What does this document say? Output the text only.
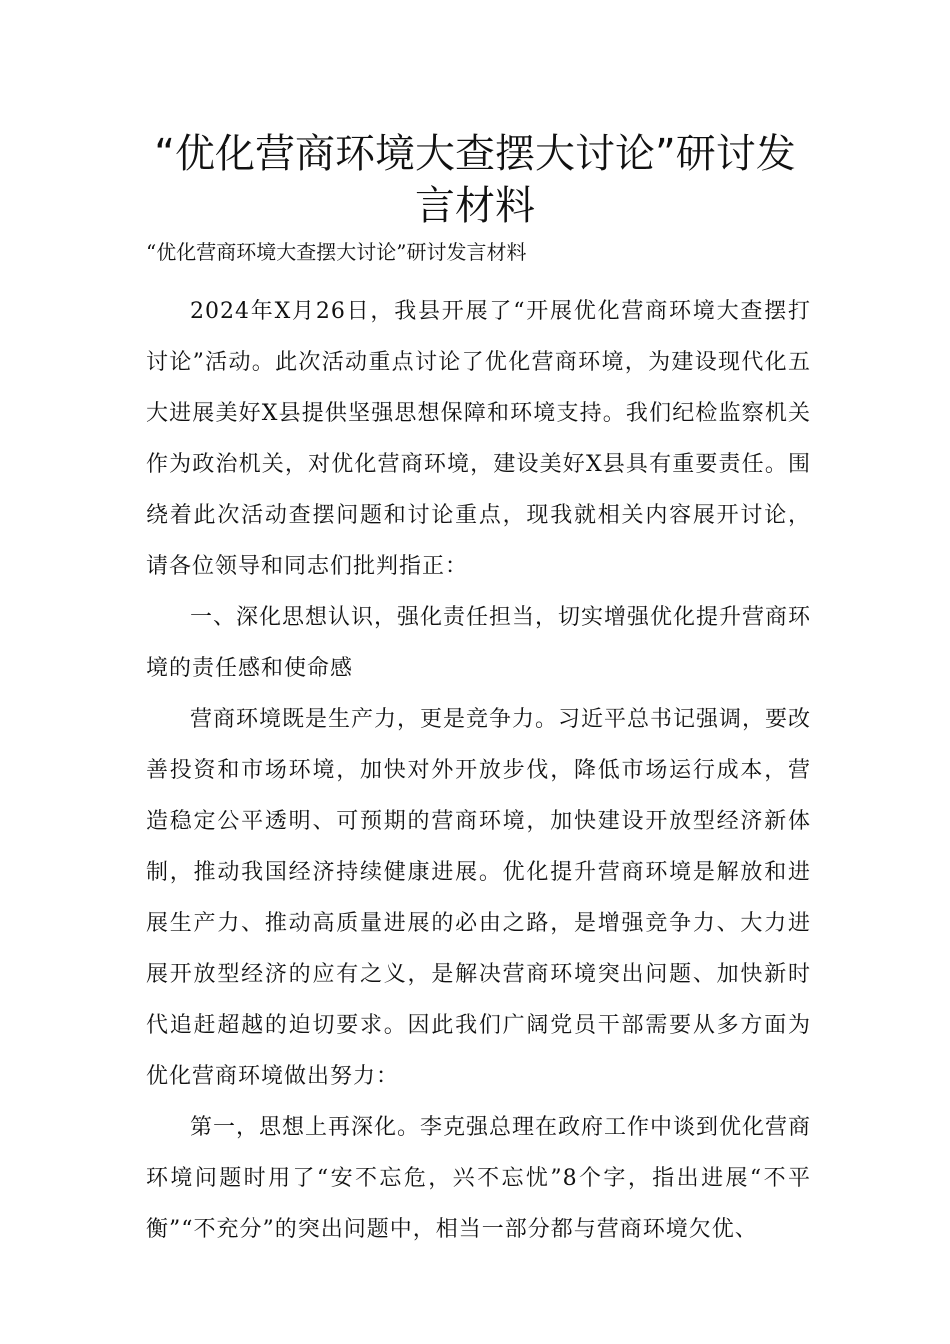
“优化营商环境大查摆大讨论”研讨发言材料
“优化营商环境大查摆大讨论”研讨发言材料

2024年X月26日，我县开展了“开展优化营商环境大查摆打讨论”活动。此次活动重点讨论了优化营商环境，为建设现代化五大进展美好X县提供坚强思想保障和环境支持。我们纪检监察机关作为政治机关，对优化营商环境，建设美好X县具有重要责任。围绕着此次活动查摆问题和讨论重点，现我就相关内容展开讨论，请各位领导和同志们批判指正：

一、深化思想认识，强化责任担当，切实增强优化提升营商环境的责任感和使命感

营商环境既是生产力，更是竞争力。习近平总书记强调，要改善投资和市场环境，加快对外开放步伐，降低市场运行成本，营造稳定公平透明、可预期的营商环境，加快建设开放型经济新体制，推动我国经济持续健康进展。优化提升营商环境是解放和进展生产力、推动高质量进展的必由之路，是增强竞争力、大力进展开放型经济的应有之义，是解决营商环境突出问题、加快新时代追赶超越的迫切要求。因此我们广阔党员干部需要从多方面为优化营商环境做出努力：

第一，思想上再深化。李克强总理在政府工作中谈到优化营商环境问题时用了“安不忘危，兴不忘忧”8个字，指出进展“不平衡”“不充分”的突出问题中，相当一部分都与营商环境欠优、
